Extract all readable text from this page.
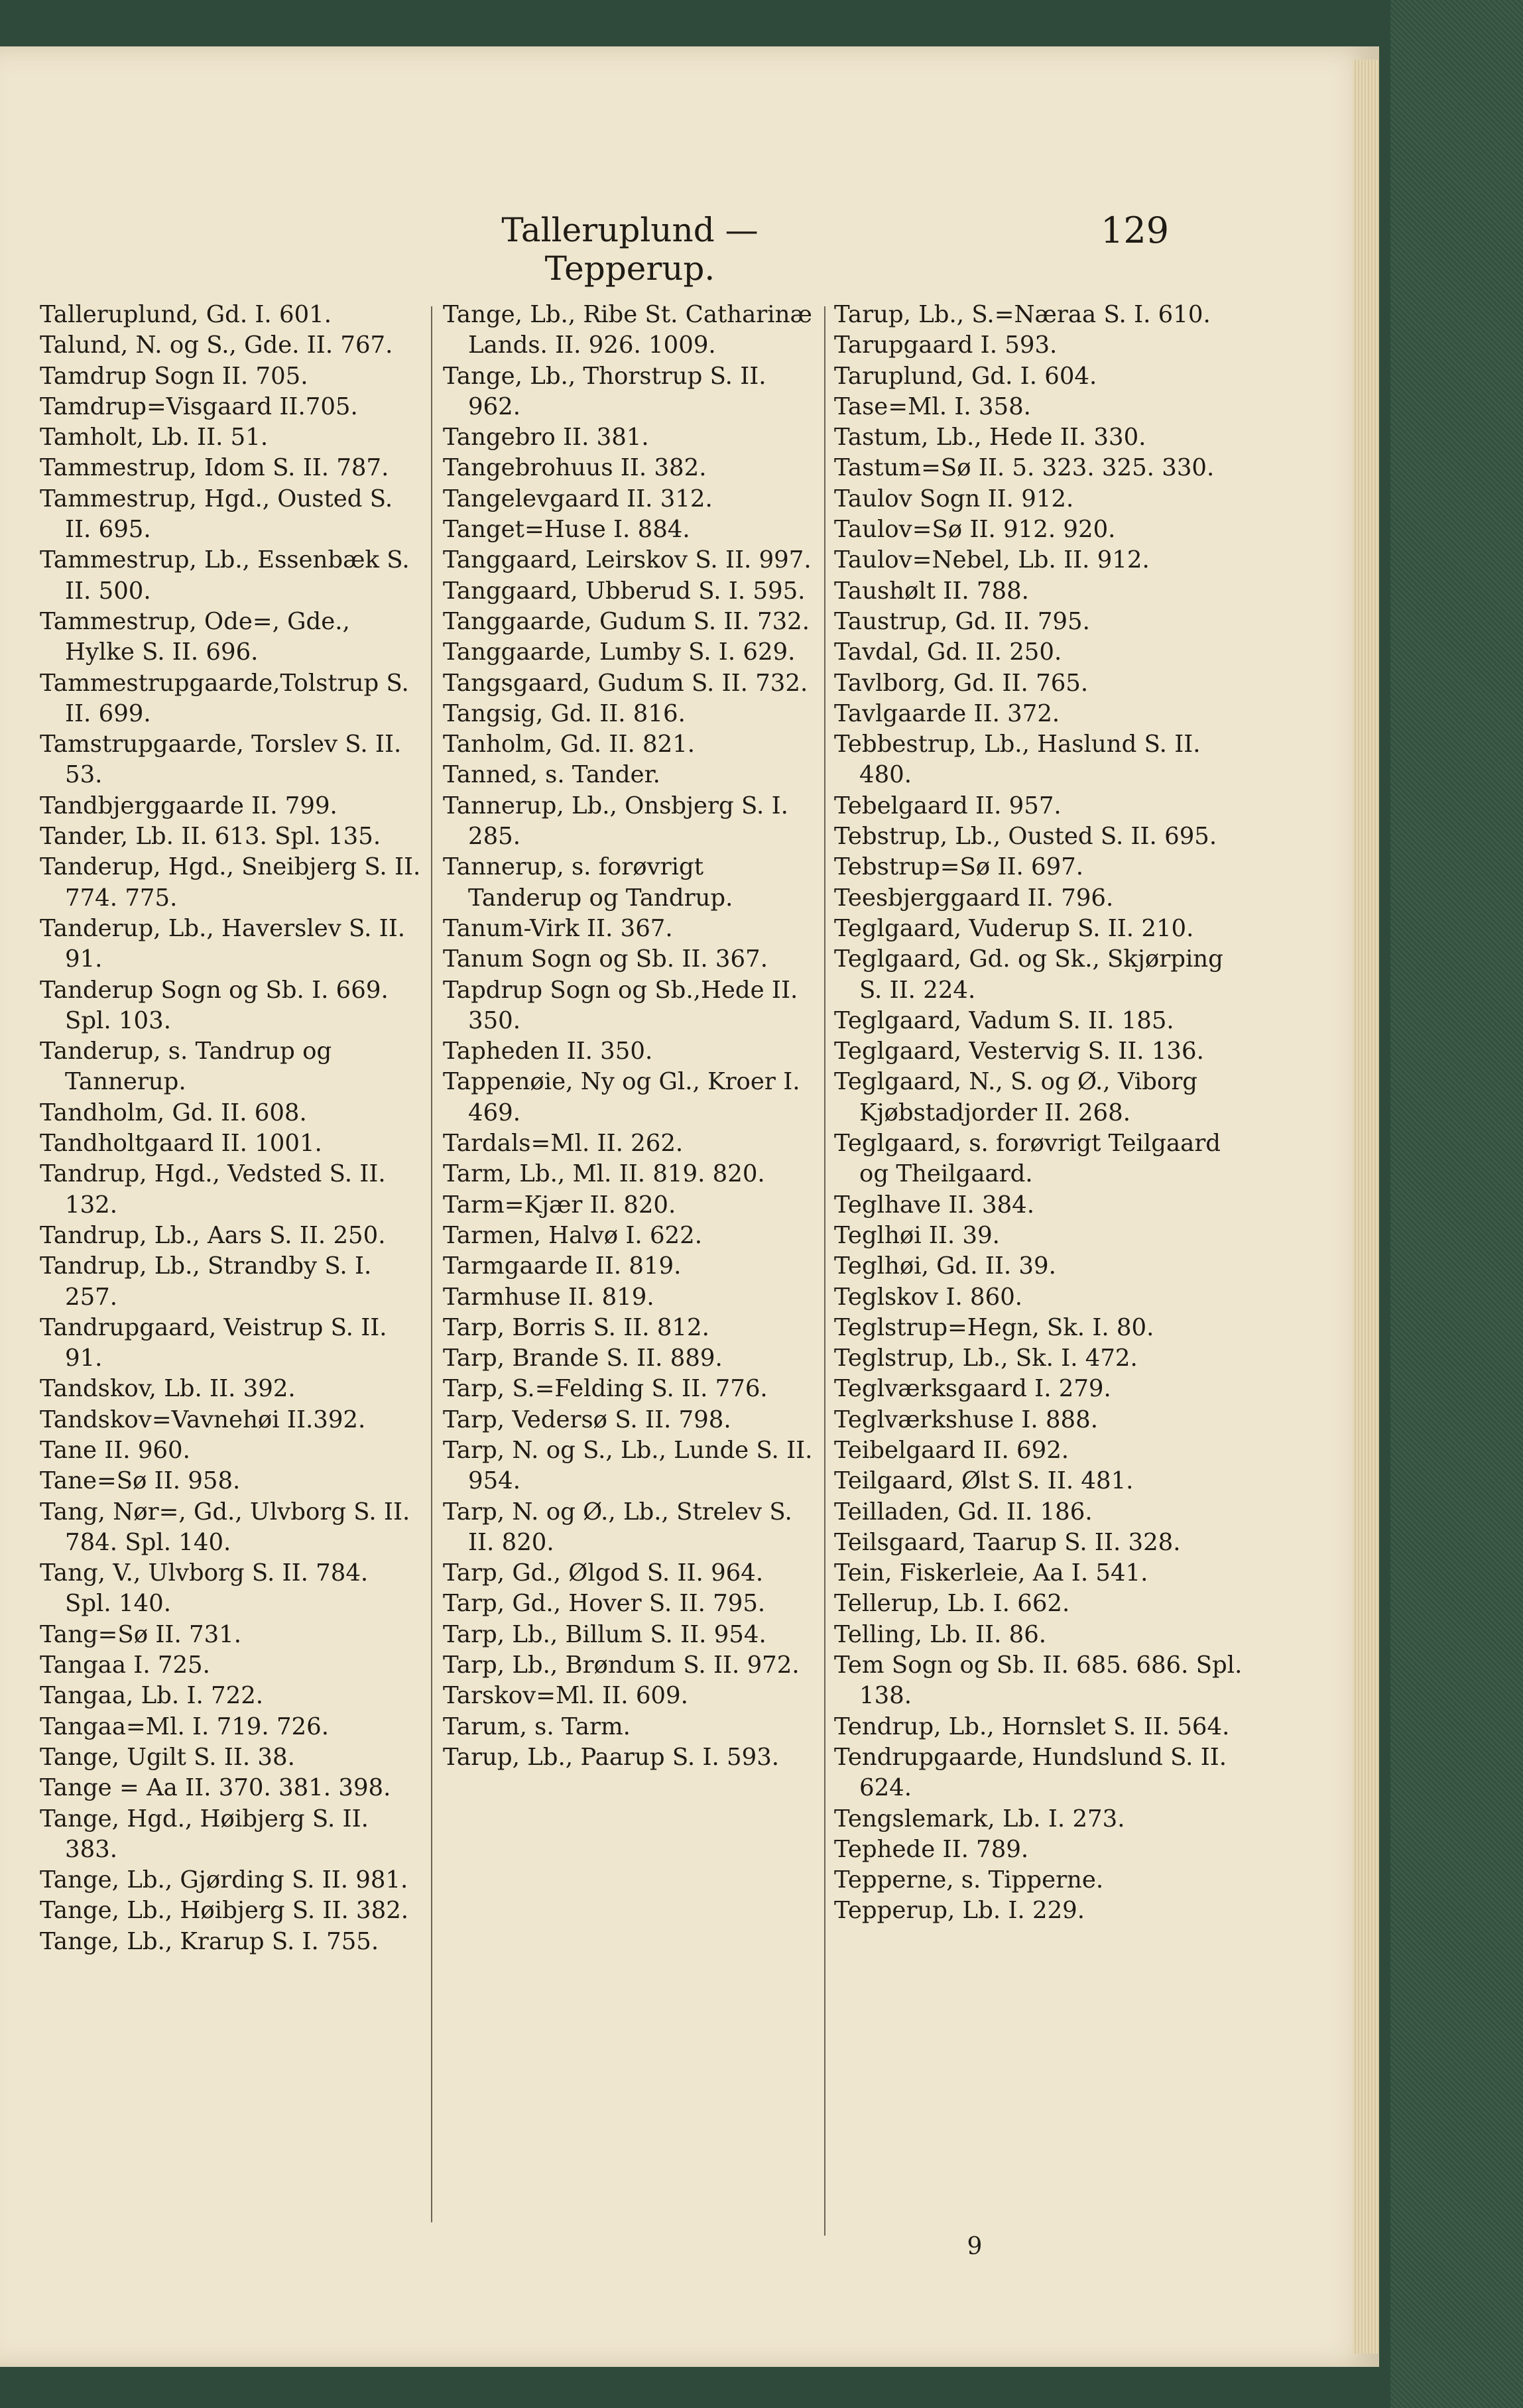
Talleruplund — Tepperup.
129
Talleruplund, Gd. I. 601.
Talund, N. og S., Gde. II. 767.
Tamdrup Sogn II. 705.
Tamdrup=Visgaard II.705.
Tamholt, Lb. II. 51.
Tammestrup, Idom S. II. 787.
Tammestrup, Hgd., Ousted S. II. 695.
Tammestrup, Lb., Essenbæk S. II. 500.
Tammestrup, Ode=, Gde., Hylke S. II. 696.
Tammestrupgaarde,Tolstrup S. II. 699.
Tamstrupgaarde, Torslev S. II. 53.
Tandbjerggaarde II. 799.
Tander, Lb. II. 613. Spl. 135.
Tanderup, Hgd., Sneibjerg S. II. 774. 775.
Tanderup, Lb., Haverslev S. II. 91.
Tanderup Sogn og Sb. I. 669. Spl. 103.
Tanderup, s. Tandrup og Tannerup.
Tandholm, Gd. II. 608.
Tandholtgaard II. 1001.
Tandrup, Hgd., Vedsted S. II. 132.
Tandrup, Lb., Aars S. II. 250.
Tandrup, Lb., Strandby S. I. 257.
Tandrupgaard, Veistrup S. II. 91.
Tandskov, Lb. II. 392.
Tandskov=Vavnehøi II.392.
Tane II. 960.
Tane=Sø II. 958.
Tang, Nør=, Gd., Ulvborg S. II. 784. Spl. 140.
Tang, V., Ulvborg S. II. 784. Spl. 140.
Tang=Sø II. 731.
Tangaa I. 725.
Tangaa, Lb. I. 722.
Tangaa=Ml. I. 719. 726.
Tange, Ugilt S. II. 38.
Tange = Aa II. 370. 381. 398.
Tange, Hgd., Høibjerg S. II. 383.
Tange, Lb., Gjørding S. II. 981.
Tange, Lb., Høibjerg S. II. 382.
Tange, Lb., Krarup S. I. 755.
Tange, Lb., Ribe St. Catharinæ Lands. II. 926. 1009.
Tange, Lb., Thorstrup S. II. 962.
Tangebro II. 381.
Tangebrohuus II. 382.
Tangelevgaard II. 312.
Tanget=Huse I. 884.
Tanggaard, Leirskov S. II. 997.
Tanggaard, Ubberud S. I. 595.
Tanggaarde, Gudum S. II. 732.
Tanggaarde, Lumby S. I. 629.
Tangsgaard, Gudum S. II. 732.
Tangsig, Gd. II. 816.
Tanholm, Gd. II. 821.
Tanned, s. Tander.
Tannerup, Lb., Onsbjerg S. I. 285.
Tannerup, s. forøvrigt Tanderup og Tandrup.
Tanum-Virk II. 367.
Tanum Sogn og Sb. II. 367.
Tapdrup Sogn og Sb.,Hede II. 350.
Tapheden II. 350.
Tappenøie, Ny og Gl., Kroer I. 469.
Tardals=Ml. II. 262.
Tarm, Lb., Ml. II. 819. 820.
Tarm=Kjær II. 820.
Tarmen, Halvø I. 622.
Tarmgaarde II. 819.
Tarmhuse II. 819.
Tarp, Borris S. II. 812.
Tarp, Brande S. II. 889.
Tarp, S.=Felding S. II. 776.
Tarp, Vedersø S. II. 798.
Tarp, N. og S., Lb., Lunde S. II. 954.
Tarp, N. og Ø., Lb., Strelev S. II. 820.
Tarp, Gd., Ølgod S. II. 964.
Tarp, Gd., Hover S. II. 795.
Tarp, Lb., Billum S. II. 954.
Tarp, Lb., Brøndum S. II. 972.
Tarskov=Ml. II. 609.
Tarum, s. Tarm.
Tarup, Lb., Paarup S. I. 593.
Tarup, Lb., S.=Næraa S. I. 610.
Tarupgaard I. 593.
Taruplund, Gd. I. 604.
Tase=Ml. I. 358.
Tastum, Lb., Hede II. 330.
Tastum=Sø II. 5. 323. 325. 330.
Taulov Sogn II. 912.
Taulov=Sø II. 912. 920.
Taulov=Nebel, Lb. II. 912.
Taushølt II. 788.
Taustrup, Gd. II. 795.
Tavdal, Gd. II. 250.
Tavlborg, Gd. II. 765.
Tavlgaarde II. 372.
Tebbestrup, Lb., Haslund S. II. 480.
Tebelgaard II. 957.
Tebstrup, Lb., Ousted S. II. 695.
Tebstrup=Sø II. 697.
Teesbjerggaard II. 796.
Teglgaard, Vuderup S. II. 210.
Teglgaard, Gd. og Sk., Skjørping S. II. 224.
Teglgaard, Vadum S. II. 185.
Teglgaard, Vestervig S. II. 136.
Teglgaard, N., S. og Ø., Viborg Kjøbstadjorder II. 268.
Teglgaard, s. forøvrigt Teilgaard og Theilgaard.
Teglhave II. 384.
Teglhøi II. 39.
Teglhøi, Gd. II. 39.
Teglskov I. 860.
Teglstrup=Hegn, Sk. I. 80.
Teglstrup, Lb., Sk. I. 472.
Teglværksgaard I. 279.
Teglværkshuse I. 888.
Teibelgaard II. 692.
Teilgaard, Ølst S. II. 481.
Teilladen, Gd. II. 186.
Teilsgaard, Taarup S. II. 328.
Tein, Fiskerleie, Aa I. 541.
Tellerup, Lb. I. 662.
Telling, Lb. II. 86.
Tem Sogn og Sb. II. 685. 686. Spl. 138.
Tendrup, Lb., Hornslet S. II. 564.
Tendrupgaarde, Hundslund S. II. 624.
Tengslemark, Lb. I. 273.
Tephede II. 789.
Tepperne, s. Tipperne.
Tepperup, Lb. I. 229.
9
